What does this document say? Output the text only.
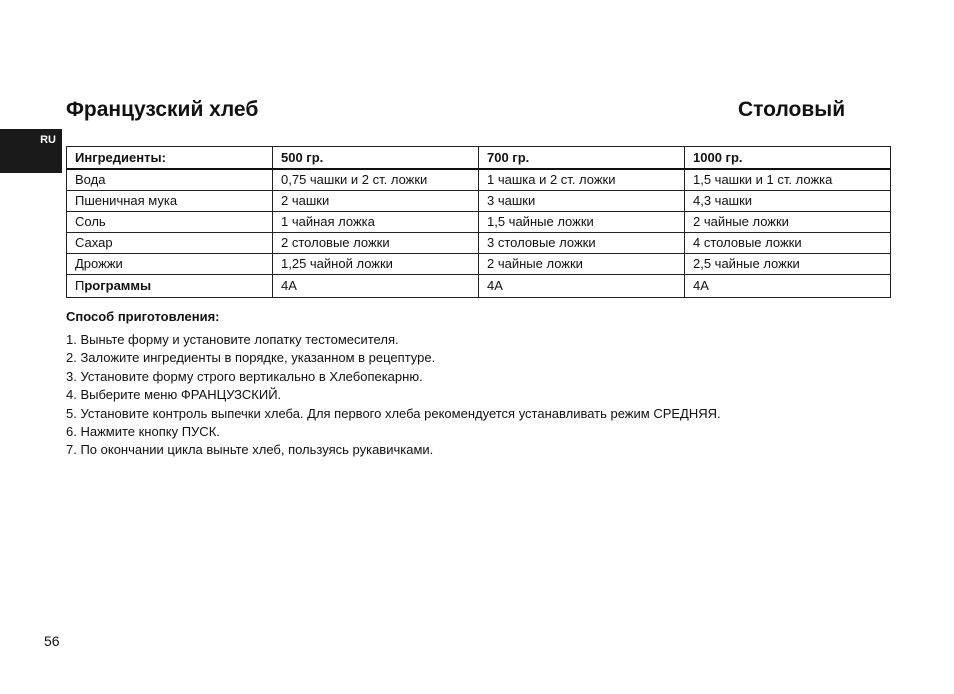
Французский хлеб	Столовый
RU
Ингредиенты:	500 гр.	700 гр.	1000 гр.
Вода	0,75 чашки и 2 ст. ложки	1 чашка и 2 ст. ложки	1,5 чашки и 1 ст. ложка
Пшеничная мука	2 чашки	3 чашки	4,3 чашки
Соль	1 чайная ложка	1,5 чайные ложки	2 чайные ложки
Сахар	2 столовые ложки	3 столовые ложки	4 столовые ложки
Дрожжи	1,25 чайной ложки	2 чайные ложки	2,5 чайные ложки
Программы	4A	4A	4A

Способ приготовления:

1. Выньте форму и установите лопатку тестомесителя.
2. Заложите ингредиенты в порядке, указанном в рецептуре.
3. Установите форму строго вертикально в Хлебопекарню.
4. Выберите меню ФРАНЦУЗСКИЙ.
5. Установите контроль выпечки хлеба. Для первого хлеба рекомендуется устанавливать режим СРЕДНЯЯ.
6. Нажмите кнопку ПУСК.
7. По окончании цикла выньте хлеб, пользуясь рукавичками.
56
